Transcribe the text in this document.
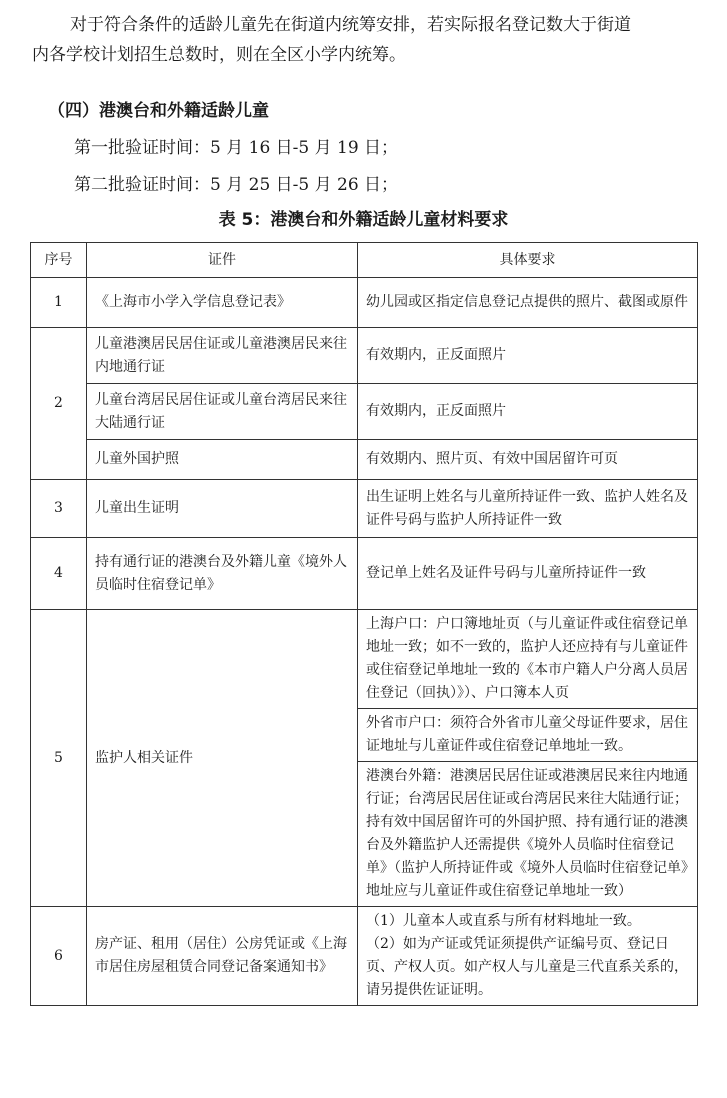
对于符合条件的适龄儿童先在街道内统筹安排，若实际报名登记数大于街道
内各学校计划招生总数时，则在全区小学内统筹。

（四）港澳台和外籍适龄儿童
第一批验证时间：5 月 16 日-5 月 19 日；
第二批验证时间：5 月 25 日-5 月 26 日；
表 5：港澳台和外籍适龄儿童材料要求
序号	证件	具体要求
1	《上海市小学入学信息登记表》	幼儿园或区指定信息登记点提供的照片、截图或原件
2	儿童港澳居民居住证或儿童港澳居民来往内地通行证	有效期内，正反面照片
	儿童台湾居民居住证或儿童台湾居民来往大陆通行证	有效期内，正反面照片
	儿童外国护照	有效期内、照片页、有效中国居留许可页
3	儿童出生证明	出生证明上姓名与儿童所持证件一致、监护人姓名及证件号码与监护人所持证件一致
4	持有通行证的港澳台及外籍儿童《境外人员临时住宿登记单》	登记单上姓名及证件号码与儿童所持证件一致
5	监护人相关证件	上海户口：户口簿地址页（与儿童证件或住宿登记单地址一致；如不一致的，监护人还应持有与儿童证件或住宿登记单地址一致的《本市户籍人户分离人员居住登记（回执）》）、户口簿本人页
		外省市户口：须符合外省市儿童父母证件要求，居住证地址与儿童证件或住宿登记单地址一致。
		港澳台外籍：港澳居民居住证或港澳居民来往内地通行证；台湾居民居住证或台湾居民来往大陆通行证；持有效中国居留许可的外国护照、持有通行证的港澳台及外籍监护人还需提供《境外人员临时住宿登记单》（监护人所持证件或《境外人员临时住宿登记单》地址应与儿童证件或住宿登记单地址一致）
6	房产证、租用（居住）公房凭证或《上海市居住房屋租赁合同登记备案通知书》	（1）儿童本人或直系与所有材料地址一致。
（2）如为产证或凭证须提供产证编号页、登记日页、产权人页。如产权人与儿童是三代直系关系的，请另提供佐证证明。
